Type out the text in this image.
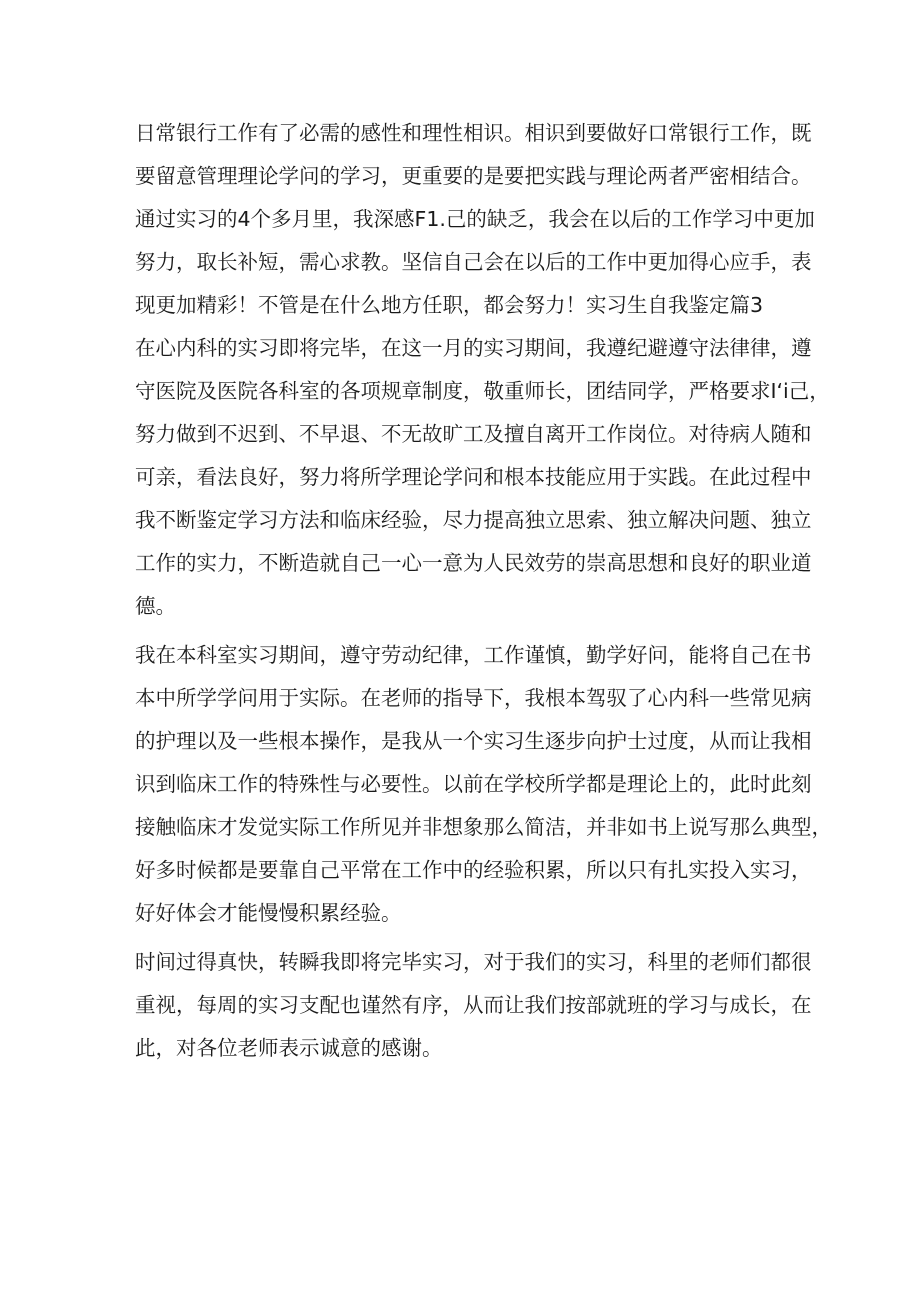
日常银行工作有了必需的感性和理性相识。相识到要做好口常银行工作，既
要留意管理理论学问的学习，更重要的是要把实践与理论两者严密相结合。
通过实习的4个多月里，我深感F1.己的缺乏，我会在以后的工作学习中更加
努力，取长补短，需心求教。坚信自己会在以后的工作中更加得心应手，表
现更加精彩！不管是在什么地方任职，都会努力！实习生自我鉴定篇3
在心内科的实习即将完毕，在这一月的实习期间，我遵纪避遵守法律律，遵
守医院及医院各科室的各项规章制度，敬重师长，团结同学，严格要求I‘i己，
努力做到不迟到、不早退、不无故旷工及擅自离开工作岗位。对待病人随和
可亲，看法良好，努力将所学理论学问和根本技能应用于实践。在此过程中
我不断鉴定学习方法和临床经验，尽力提高独立思索、独立解决问题、独立
工作的实力，不断造就自己一心一意为人民效劳的崇高思想和良好的职业道
德。
我在本科室实习期间，遵守劳动纪律，工作谨慎，勤学好问，能将自己在书
本中所学学问用于实际。在老师的指导下，我根本驾驭了心内科一些常见病
的护理以及一些根本操作，是我从一个实习生逐步向护士过度，从而让我相
识到临床工作的特殊性与必要性。以前在学校所学都是理论上的，此时此刻
接触临床才发觉实际工作所见并非想象那么简洁，并非如书上说写那么典型，
好多时候都是要靠自己平常在工作中的经验积累，所以只有扎实投入实习，
好好体会才能慢慢积累经验。
时间过得真快，转瞬我即将完毕实习，对于我们的实习，科里的老师们都很
重视，每周的实习支配也谨然有序，从而让我们按部就班的学习与成长，在
此，对各位老师表示诚意的感谢。
